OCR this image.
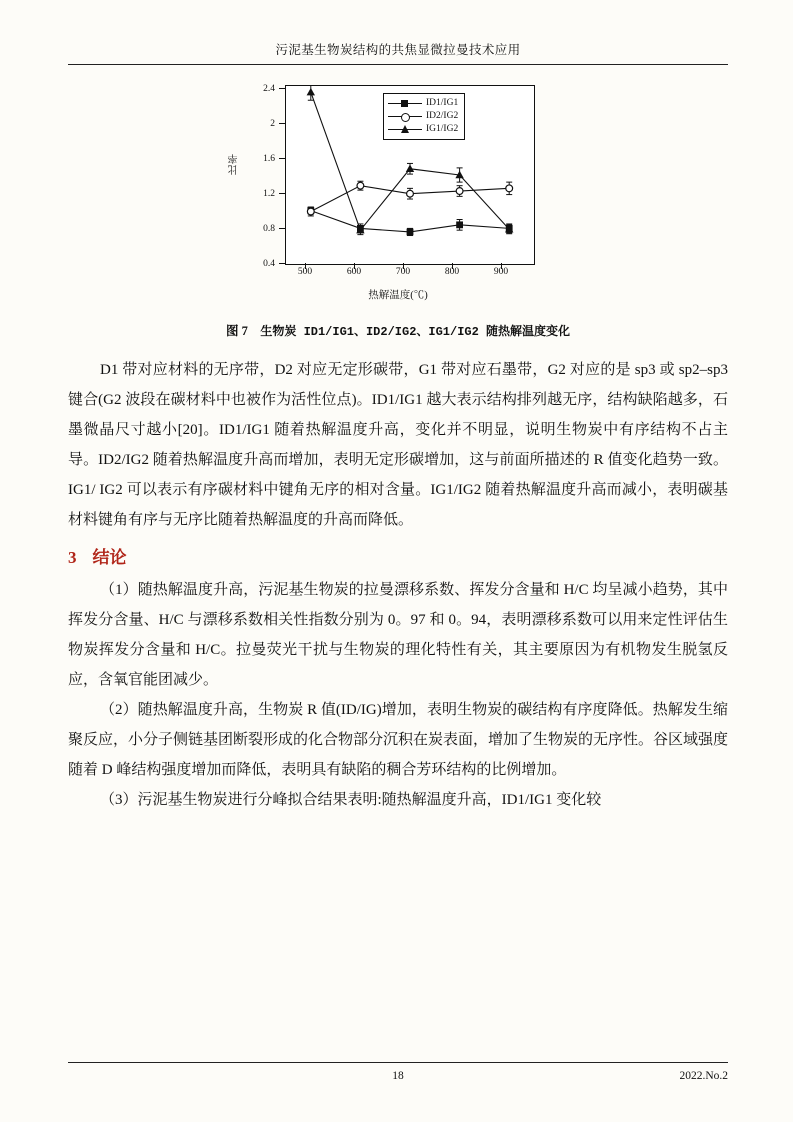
污泥基生物炭结构的共焦显微拉曼技术应用
比率
0.4
0.8
1.2
1.6
2
2.4
500	600	700	800	900
热解温度(℃)
ID1/IG1
ID2/IG2
IG1/IG2
图 7 生物炭 ID1/IG1、ID2/IG2、IG1/IG2 随热解温度变化

D1 带对应材料的无序带，D2 对应无定形碳带，G1 带对应石墨带，G2 对应的是 sp3 或 sp2–sp3 键合(G2 波段在碳材料中也被作为活性位点)。ID1/IG1 越大表示结构排列越无序，结构缺陷越多，石墨微晶尺寸越小[20]。ID1/IG1 随着热解温度升高，变化并不明显，说明生物炭中有序结构不占主导。ID2/IG2 随着热解温度升高而增加，表明无定形碳增加，这与前面所描述的 R 值变化趋势一致。IG1/ IG2 可以表示有序碳材料中键角无序的相对含量。IG1/IG2 随着热解温度升高而减小，表明碳基材料键角有序与无序比随着热解温度的升高而降低。

3 结论

（1）随热解温度升高，污泥基生物炭的拉曼漂移系数、挥发分含量和 H/C 均呈减小趋势，其中挥发分含量、H/C 与漂移系数相关性指数分别为 0。97 和 0。94，表明漂移系数可以用来定性评估生物炭挥发分含量和 H/C。拉曼荧光干扰与生物炭的理化特性有关，其主要原因为有机物发生脱氢反应，含氧官能团减少。

（2）随热解温度升高，生物炭 R 值(ID/IG)增加，表明生物炭的碳结构有序度降低。热解发生缩聚反应，小分子侧链基团断裂形成的化合物部分沉积在炭表面，增加了生物炭的无序性。谷区域强度随着 D 峰结构强度增加而降低，表明具有缺陷的稠合芳环结构的比例增加。

（3）污泥基生物炭进行分峰拟合结果表明:随热解温度升高，ID1/IG1 变化较

18	2022.No.2
